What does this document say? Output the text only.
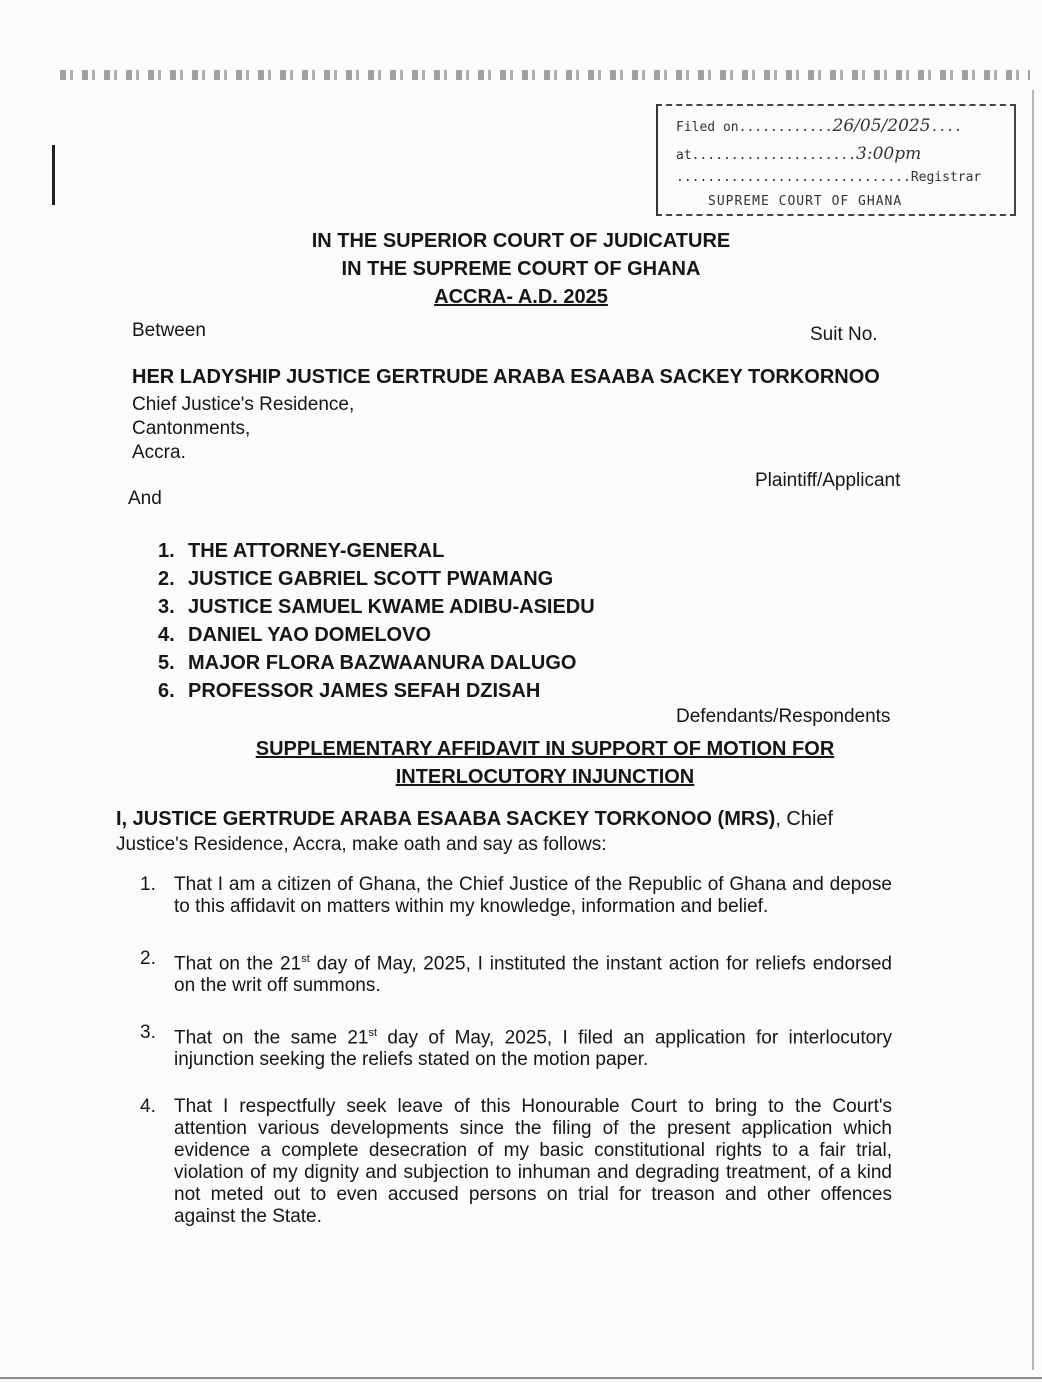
Filed on............26/05/2025....
at.....................3:00pm
..............................Registrar
SUPREME COURT OF GHANA
IN THE SUPERIOR COURT OF JUDICATURE
IN THE SUPREME COURT OF GHANA
ACCRA- A.D. 2025
Between	Suit No.
HER LADYSHIP JUSTICE GERTRUDE ARABA ESAABA SACKEY TORKORNOO
Chief Justice's Residence,
Cantonments,
Accra.
Plaintiff/Applicant
And
1. THE ATTORNEY-GENERAL
2. JUSTICE GABRIEL SCOTT PWAMANG
3. JUSTICE SAMUEL KWAME ADIBU-ASIEDU
4. DANIEL YAO DOMELOVO
5. MAJOR FLORA BAZWAANURA DALUGO
6. PROFESSOR JAMES SEFAH DZISAH
Defendants/Respondents
SUPPLEMENTARY AFFIDAVIT IN SUPPORT OF MOTION FOR
INTERLOCUTORY INJUNCTION
I, JUSTICE GERTRUDE ARABA ESAABA SACKEY TORKONOO (MRS), Chief
Justice's Residence, Accra, make oath and say as follows:
1. That I am a citizen of Ghana, the Chief Justice of the Republic of Ghana and depose to this affidavit on matters within my knowledge, information and belief.
2. That on the 21st day of May, 2025, I instituted the instant action for reliefs endorsed on the writ off summons.
3. That on the same 21st day of May, 2025, I filed an application for interlocutory injunction seeking the reliefs stated on the motion paper.
4. That I respectfully seek leave of this Honourable Court to bring to the Court's attention various developments since the filing of the present application which evidence a complete desecration of my basic constitutional rights to a fair trial, violation of my dignity and subjection to inhuman and degrading treatment, of a kind not meted out to even accused persons on trial for treason and other offences against the State.
